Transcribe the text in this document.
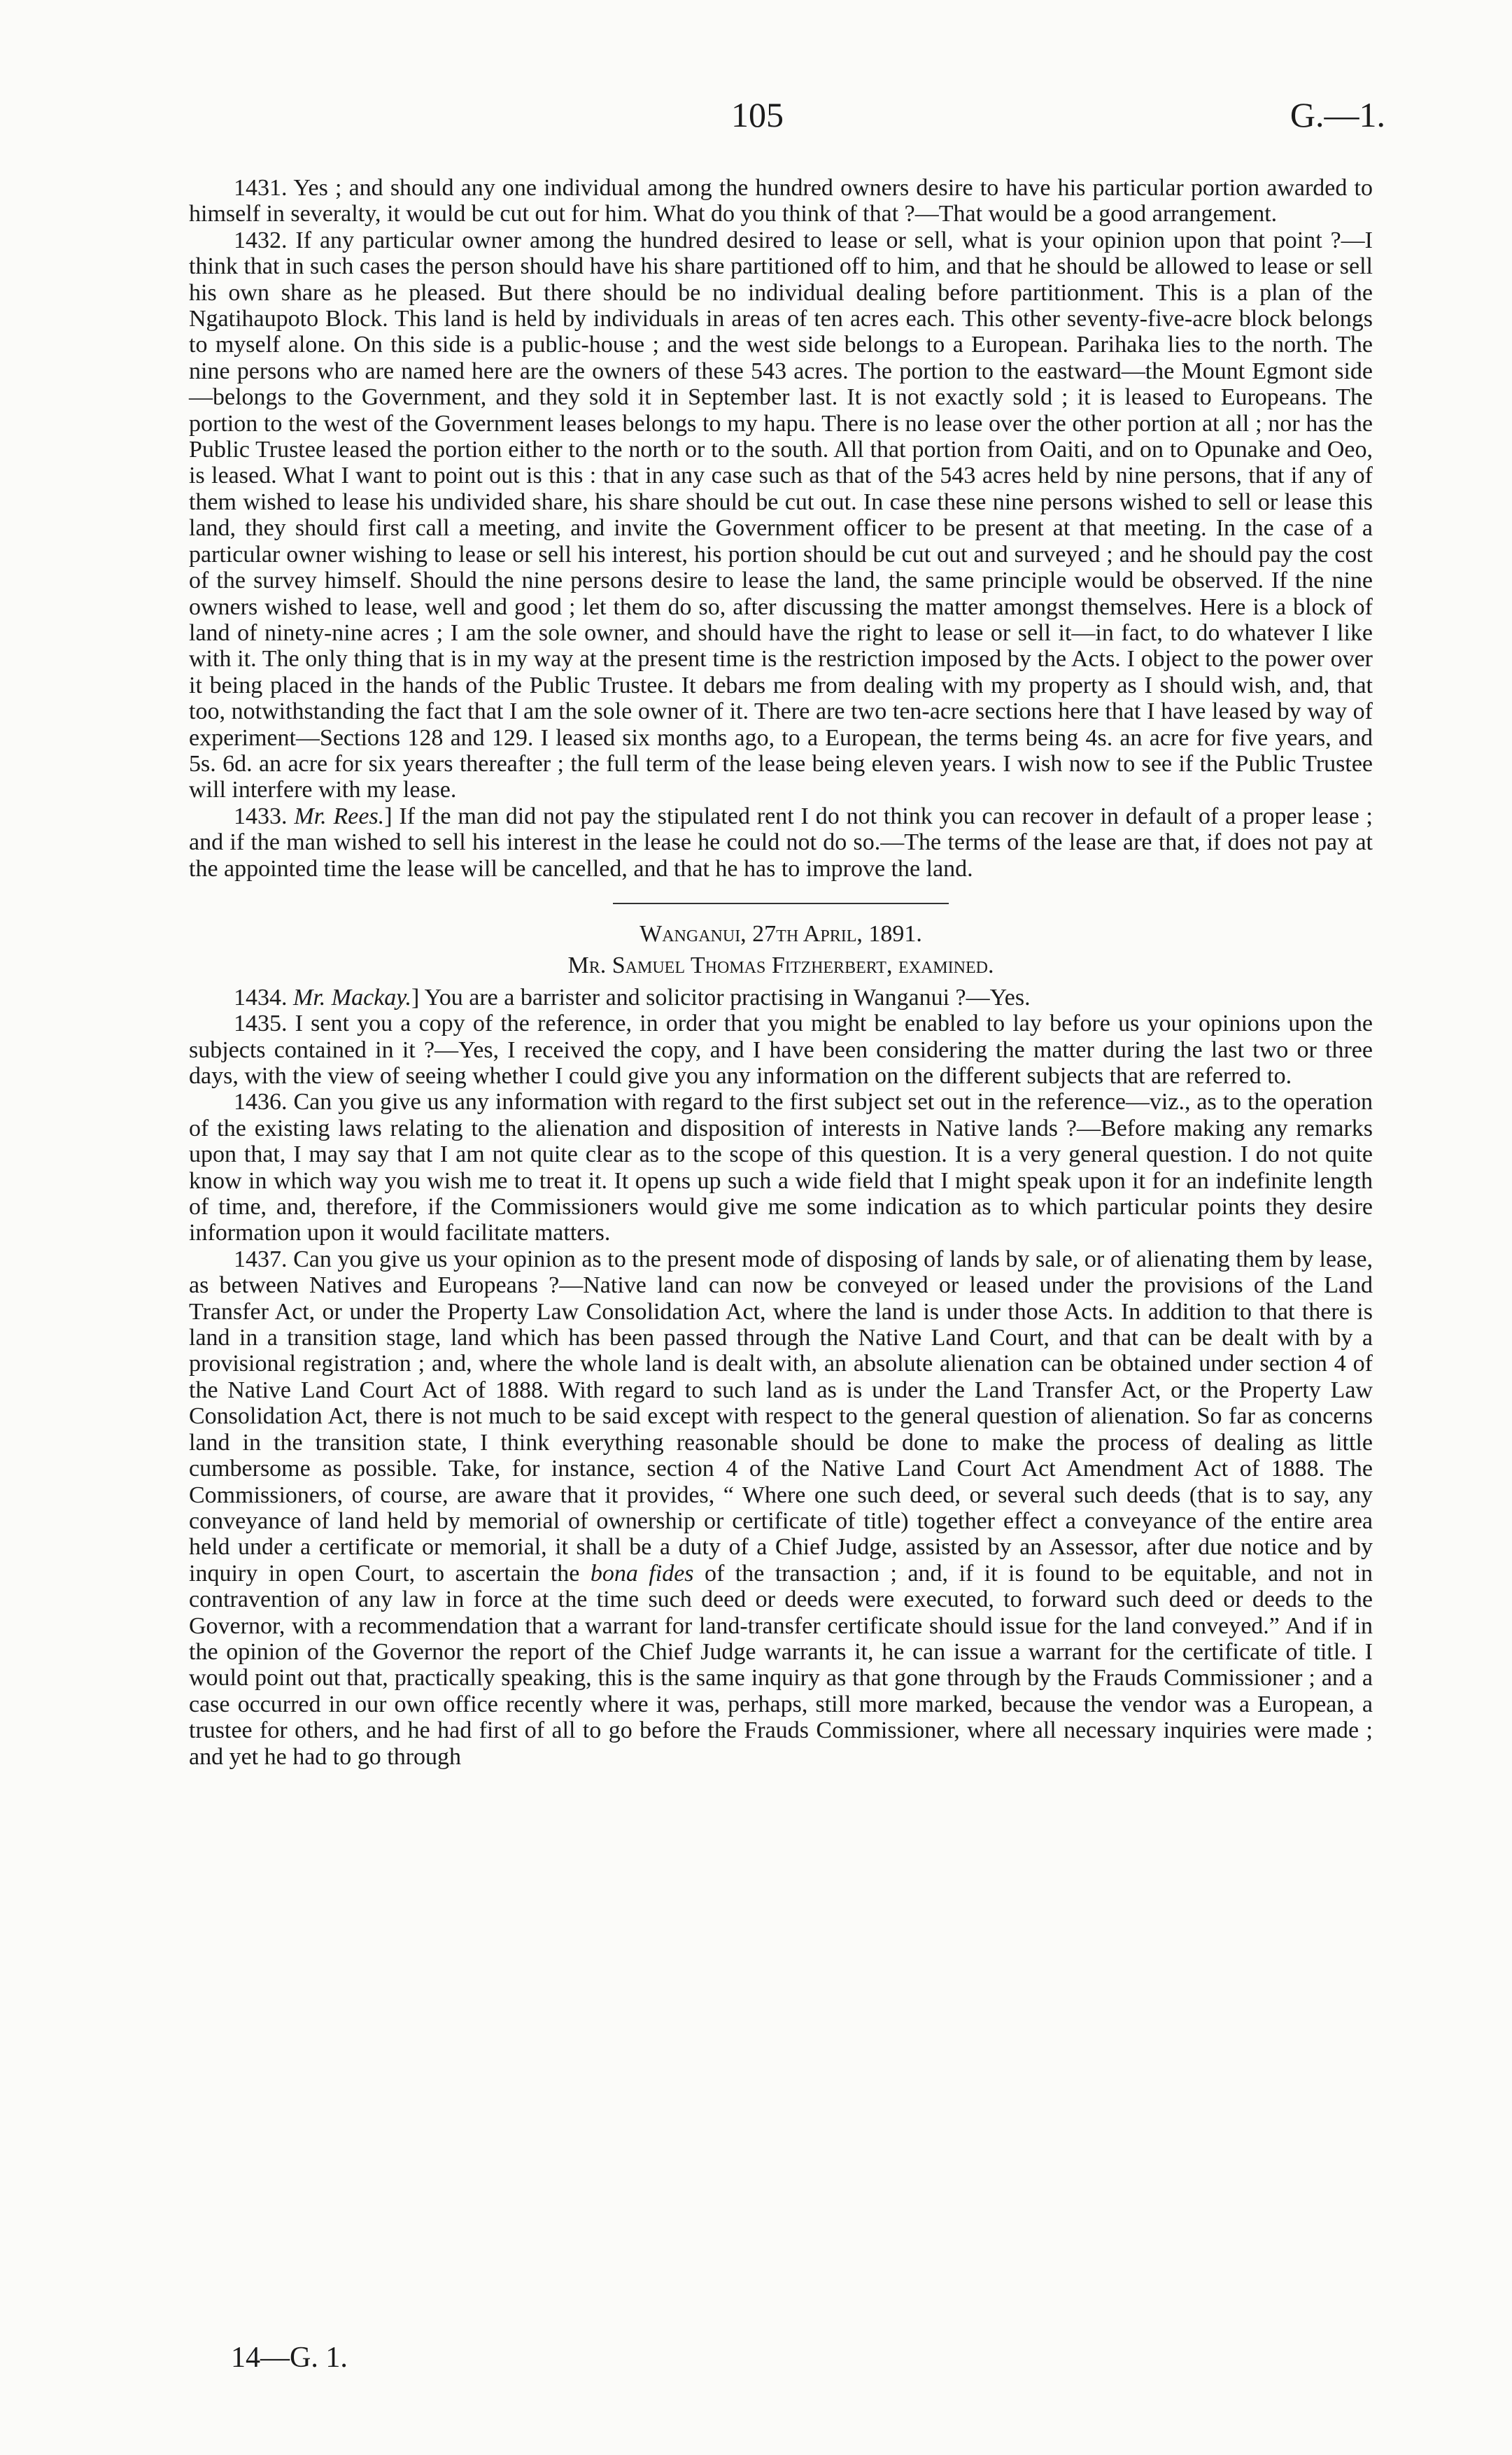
105	G.—1.

1431. Yes ; and should any one individual among the hundred owners desire to have his particular portion awarded to himself in severalty, it would be cut out for him. What do you think of that ?—That would be a good arrangement.

1432. If any particular owner among the hundred desired to lease or sell, what is your opinion upon that point ?—I think that in such cases the person should have his share partitioned off to him, and that he should be allowed to lease or sell his own share as he pleased. But there should be no individual dealing before partitionment. This is a plan of the Ngatihaupoto Block. This land is held by individuals in areas of ten acres each. This other seventy-five-acre block belongs to myself alone. On this side is a public-house ; and the west side belongs to a European. Parihaka lies to the north. The nine persons who are named here are the owners of these 543 acres. The portion to the eastward—the Mount Egmont side—belongs to the Government, and they sold it in September last. It is not exactly sold ; it is leased to Europeans. The portion to the west of the Government leases belongs to my hapu. There is no lease over the other portion at all ; nor has the Public Trustee leased the portion either to the north or to the south. All that portion from Oaiti, and on to Opunake and Oeo, is leased. What I want to point out is this : that in any case such as that of the 543 acres held by nine persons, that if any of them wished to lease his undivided share, his share should be cut out. In case these nine persons wished to sell or lease this land, they should first call a meeting, and invite the Government officer to be present at that meeting. In the case of a particular owner wishing to lease or sell his interest, his portion should be cut out and surveyed ; and he should pay the cost of the survey himself. Should the nine persons desire to lease the land, the same principle would be observed. If the nine owners wished to lease, well and good ; let them do so, after discussing the matter amongst themselves. Here is a block of land of ninety-nine acres ; I am the sole owner, and should have the right to lease or sell it—in fact, to do whatever I like with it. The only thing that is in my way at the present time is the restriction imposed by the Acts. I object to the power over it being placed in the hands of the Public Trustee. It debars me from dealing with my property as I should wish, and, that too, notwithstanding the fact that I am the sole owner of it. There are two ten-acre sections here that I have leased by way of experiment—Sections 128 and 129. I leased six months ago, to a European, the terms being 4s. an acre for five years, and 5s. 6d. an acre for six years thereafter ; the full term of the lease being eleven years. I wish now to see if the Public Trustee will interfere with my lease.

1433. Mr. Rees.] If the man did not pay the stipulated rent I do not think you can recover in default of a proper lease ; and if the man wished to sell his interest in the lease he could not do so.—The terms of the lease are that, if does not pay at the appointed time the lease will be cancelled, and that he has to improve the land.

Wanganui, 27th April, 1891.

Mr. Samuel Thomas Fitzherbert, examined.

1434. Mr. Mackay.] You are a barrister and solicitor practising in Wanganui ?—Yes.

1435. I sent you a copy of the reference, in order that you might be enabled to lay before us your opinions upon the subjects contained in it ?—Yes, I received the copy, and I have been considering the matter during the last two or three days, with the view of seeing whether I could give you any information on the different subjects that are referred to.

1436. Can you give us any information with regard to the first subject set out in the reference—viz., as to the operation of the existing laws relating to the alienation and disposition of interests in Native lands ?—Before making any remarks upon that, I may say that I am not quite clear as to the scope of this question. It is a very general question. I do not quite know in which way you wish me to treat it. It opens up such a wide field that I might speak upon it for an indefinite length of time, and, therefore, if the Commissioners would give me some indication as to which particular points they desire information upon it would facilitate matters.

1437. Can you give us your opinion as to the present mode of disposing of lands by sale, or of alienating them by lease, as between Natives and Europeans ?—Native land can now be conveyed or leased under the provisions of the Land Transfer Act, or under the Property Law Consolidation Act, where the land is under those Acts. In addition to that there is land in a transition stage, land which has been passed through the Native Land Court, and that can be dealt with by a provisional registration ; and, where the whole land is dealt with, an absolute alienation can be obtained under section 4 of the Native Land Court Act of 1888. With regard to such land as is under the Land Transfer Act, or the Property Law Consolidation Act, there is not much to be said except with respect to the general question of alienation. So far as concerns land in the transition state, I think everything reasonable should be done to make the process of dealing as little cumbersome as possible. Take, for instance, section 4 of the Native Land Court Act Amendment Act of 1888. The Commissioners, of course, are aware that it provides, “ Where one such deed, or several such deeds (that is to say, any conveyance of land held by memorial of ownership or certificate of title) together effect a conveyance of the entire area held under a certificate or memorial, it shall be a duty of a Chief Judge, assisted by an Assessor, after due notice and by inquiry in open Court, to ascertain the bona fides of the transaction ; and, if it is found to be equitable, and not in contravention of any law in force at the time such deed or deeds were executed, to forward such deed or deeds to the Governor, with a recommendation that a warrant for land-transfer certificate should issue for the land conveyed.” And if in the opinion of the Governor the report of the Chief Judge warrants it, he can issue a warrant for the certificate of title. I would point out that, practically speaking, this is the same inquiry as that gone through by the Frauds Commissioner ; and a case occurred in our own office recently where it was, perhaps, still more marked, because the vendor was a European, a trustee for others, and he had first of all to go before the Frauds Commissioner, where all necessary inquiries were made ; and yet he had to go through

14—G. 1.
